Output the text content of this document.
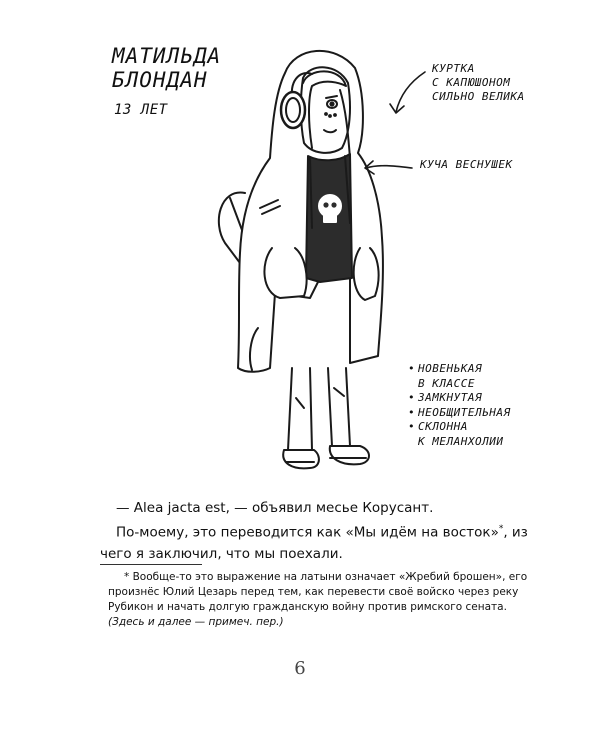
МАТИЛЬДА
БЛОНДАН
13 ЛЕТ
КУРТКА
С КАПЮШОНОМ
СИЛЬНО ВЕЛИКА
КУЧА ВЕСНУШЕК
• НОВЕНЬКАЯ
В КЛАССЕ
• ЗАМКНУТАЯ
• НЕОБЩИТЕЛЬНАЯ
• СКЛОННА
К МЕЛАНХОЛИИ

— Alea jacta est, — объявил месье Корусант.

По-моему, это переводится как «Мы идём на восток»*, из чего я заключил, что мы поехали.

* Вообще-то это выражение на латыни означает «Жребий брошен», его произнёс Юлий Цезарь перед тем, как перевести своё войско через реку Рубикон и начать долгую гражданскую войну против римского сената. (Здесь и далее — примеч. пер.)
6
